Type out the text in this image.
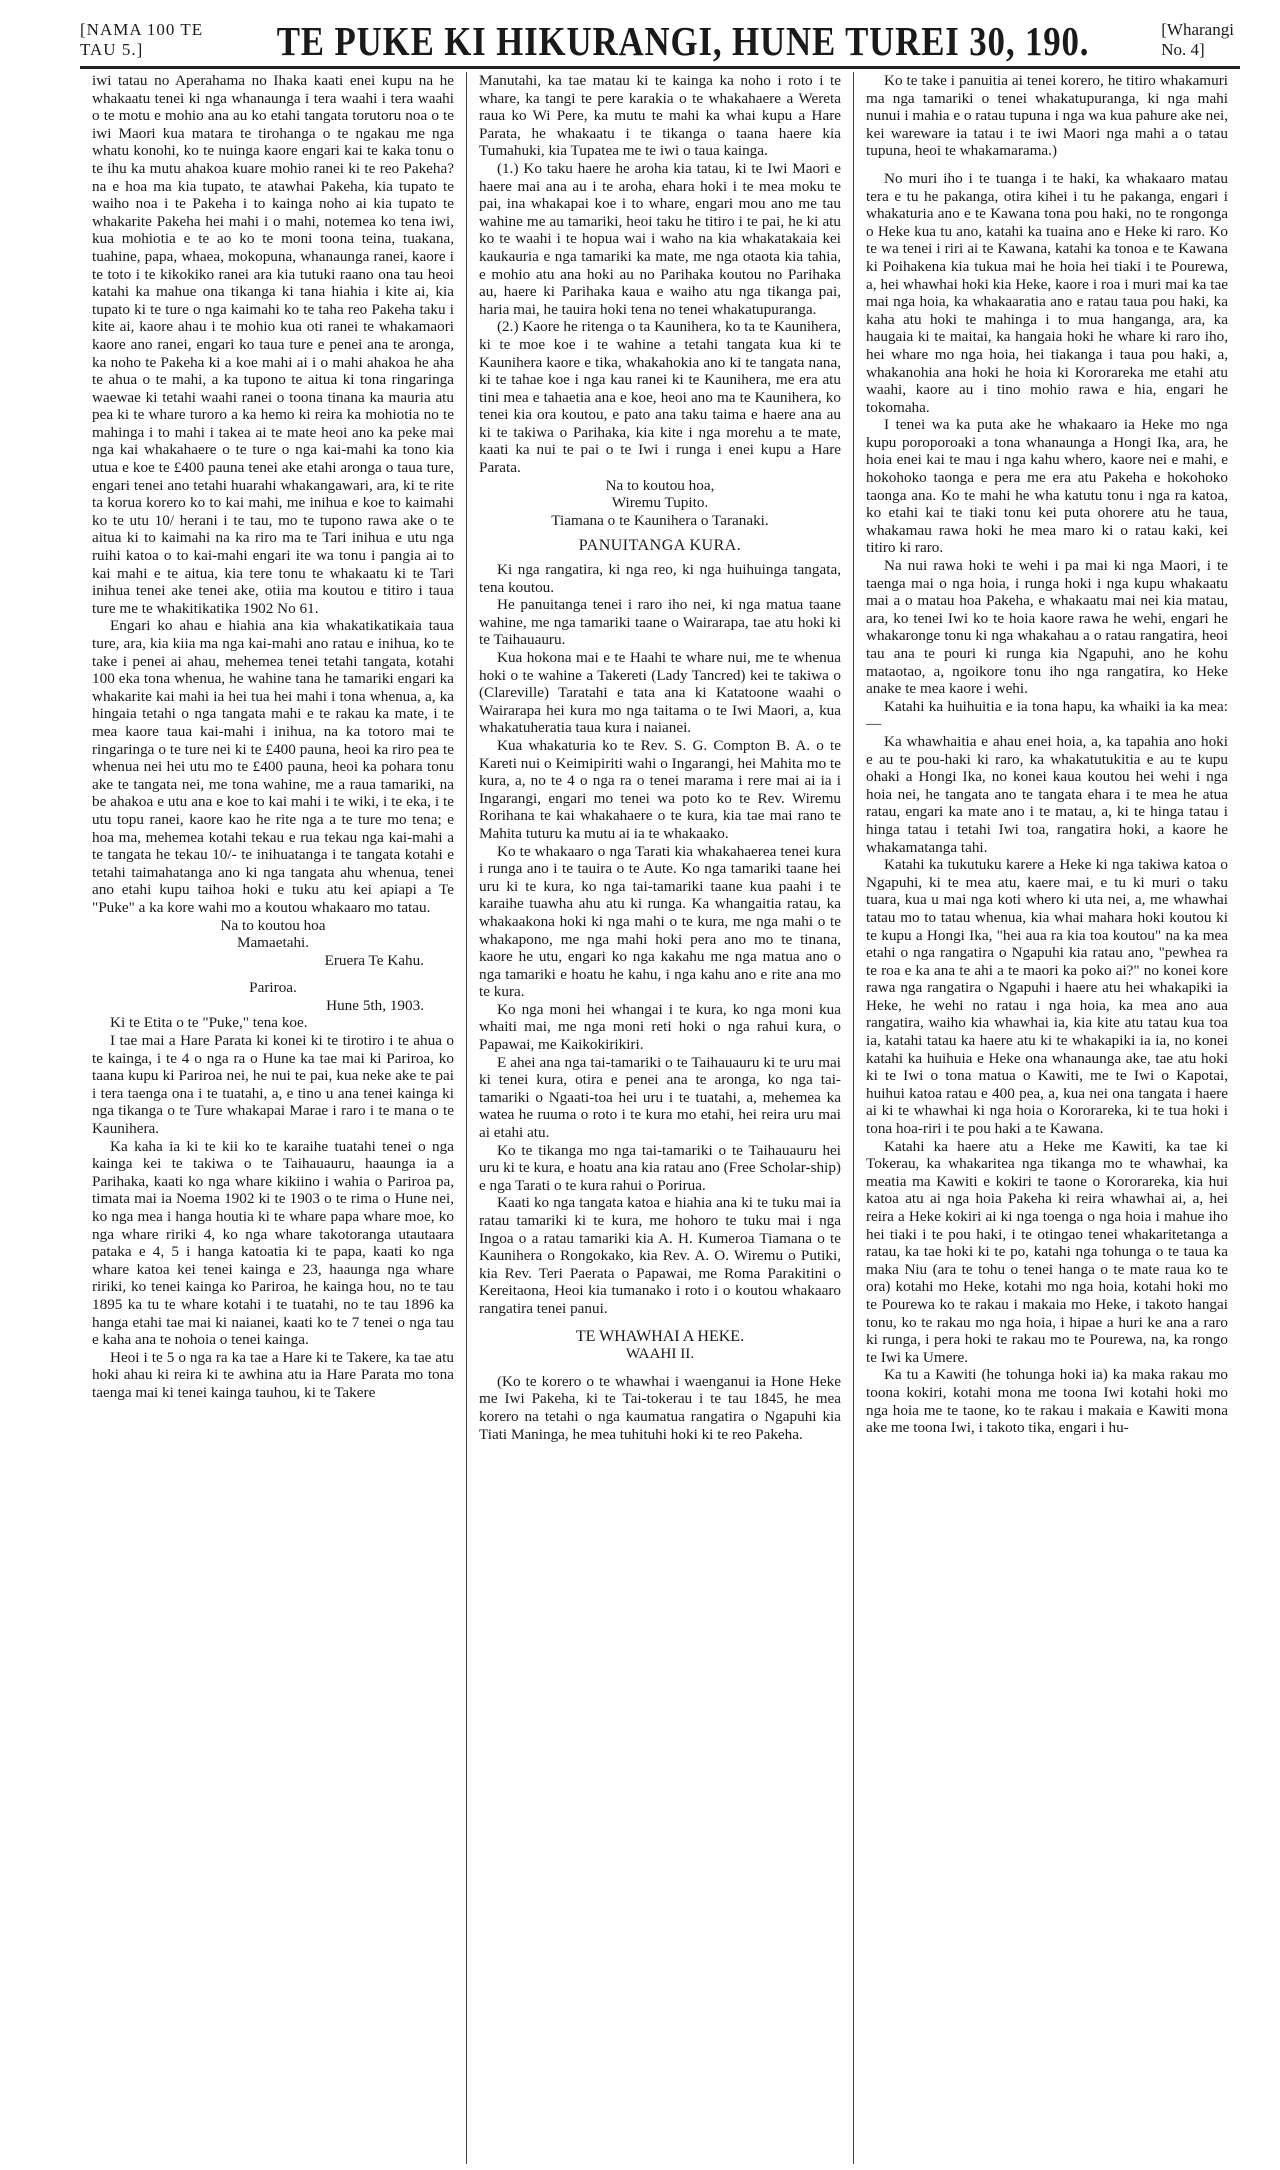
[NAMA 100 TE TAU 5.]	TE PUKE KI HIKURANGI, HUNE TUREI 30, 190.	[Wharangi No. 4]

iwi tatau no Aperahama no Ihaka kaati enei kupu na he whakaatu tenei ki nga whanaunga i tera waahi i tera waahi o te motu e mohio ana au ko etahi tangata torutoru noa o te iwi Maori kua matara te tirohanga o te ngakau me nga whatu konohi, ko te nuinga kaore engari kai te kaka tonu o te ihu ka mutu ahakoa kuare mohio ranei ki te reo Pakeha? na e hoa ma kia tupato, te atawhai Pakeha, kia tupato te waiho noa i te Pakeha i to kainga noho ai kia tupato te whakarite Pakeha hei mahi i o mahi, notemea ko tena iwi, kua mohiotia e te ao ko te moni toona teina, tuakana, tuahine, papa, whaea, mokopuna, whanaunga ranei, kaore i te toto i te kikokiko ranei ara kia tutuki raano ona tau heoi katahi ka mahue ona tikanga ki tana hiahia i kite ai, kia tupato ki te ture o nga kaimahi ko te taha reo Pakeha taku i kite ai, kaore ahau i te mohio kua oti ranei te whakamaori kaore ano ranei, engari ko taua ture e penei ana te aronga, ka noho te Pakeha ki a koe mahi ai i o mahi ahakoa he aha te ahua o te mahi, a ka tupono te aitua ki tona ringaringa waewae ki tetahi waahi ranei o toona tinana ka mauria atu pea ki te whare turoro a ka hemo ki reira ka mohiotia no te mahinga i to mahi i takea ai te mate heoi ano ka peke mai nga kai whakahaere o te ture o nga kai-mahi ka tono kia utua e koe te £400 pauna tenei ake etahi aronga o taua ture, engari tenei ano tetahi huarahi whakangawari, ara, ki te rite ta korua korero ko to kai mahi, me inihua e koe to kaimahi ko te utu 10/ herani i te tau, mo te tupono rawa ake o te aitua ki to kaimahi na ka riro ma te Tari inihua e utu nga ruihi katoa o to kai-mahi engari ite wa tonu i pangia ai to kai mahi e te aitua, kia tere tonu te whakaatu ki te Tari inihua tenei ake tenei ake, otiia ma koutou e titiro i taua ture me te whakitikatika 1902 No 61.

Engari ko ahau e hiahia ana kia whakatikatikaia taua ture, ara, kia kiia ma nga kai-mahi ano ratau e inihua, ko te take i penei ai ahau, mehemea tenei tetahi tangata, kotahi 100 eka tona whenua, he wahine tana he tamariki engari ka whakarite kai mahi ia hei tua hei mahi i tona whenua, a, ka hingaia tetahi o nga tangata mahi e te rakau ka mate, i te mea kaore taua kai-mahi i inihua, na ka totoro mai te ringaringa o te ture nei ki te £400 pauna, heoi ka riro pea te whenua nei hei utu mo te £400 pauna, heoi ka pohara tonu ake te tangata nei, me tona wahine, me a raua tamariki, na be ahakoa e utu ana e koe to kai mahi i te wiki, i te eka, i te utu topu ranei, kaore kao he rite nga a te ture mo tena; e hoa ma, mehemea kotahi tekau e rua tekau nga kai-mahi a te tangata he tekau 10/- te inihuatanga i te tangata kotahi e tetahi taimahatanga ano ki nga tangata ahu whenua, tenei ano etahi kupu taihoa hoki e tuku atu kei apiapi a Te "Puke" a ka kore wahi mo a koutou whakaaro mo tatau.

Na to koutou hoa

Mamaetahi.

Eruera Te Kahu.

Pariroa.

Hune 5th, 1903.

Ki te Etita o te "Puke," tena koe.

I tae mai a Hare Parata ki konei ki te tirotiro i te ahua o te kainga, i te 4 o nga ra o Hune ka tae mai ki Pariroa, ko taana kupu ki Pariroa nei, he nui te pai, kua neke ake te pai i tera taenga ona i te tuatahi, a, e tino u ana tenei kainga ki nga tikanga o te Ture whakapai Marae i raro i te mana o te Kaunihera.

Ka kaha ia ki te kii ko te karaihe tuatahi tenei o nga kainga kei te takiwa o te Taihauauru, haaunga ia a Parihaka, kaati ko nga whare kikiino i wahia o Pariroa pa, timata mai ia Noema 1902 ki te 1903 o te rima o Hune nei, ko nga mea i hanga houtia ki te whare papa whare moe, ko nga whare ririki 4, ko nga whare takotoranga utautaara pataka e 4, 5 i hanga katoatia ki te papa, kaati ko nga whare katoa kei tenei kainga e 23, haaunga nga whare ririki, ko tenei kainga ko Pariroa, he kainga hou, no te tau 1895 ka tu te whare kotahi i te tuatahi, no te tau 1896 ka hanga etahi tae mai ki naianei, kaati ko te 7 tenei o nga tau e kaha ana te nohoia o tenei kainga.

Heoi i te 5 o nga ra ka tae a Hare ki te Takere, ka tae atu hoki ahau ki reira ki te awhina atu ia Hare Parata mo tona taenga mai ki tenei kainga tauhou, ki te Takere

Manutahi, ka tae matau ki te kainga ka noho i roto i te whare, ka tangi te pere karakia o te whakahaere a Wereta raua ko Wi Pere, ka mutu te mahi ka whai kupu a Hare Parata, he whakaatu i te tikanga o taana haere kia Tumahuki, kia Tupatea me te iwi o taua kainga.

(1.) Ko taku haere he aroha kia tatau, ki te Iwi Maori e haere mai ana au i te aroha, ehara hoki i te mea moku te pai, ina whakapai koe i to whare, engari mou ano me tau wahine me au tamariki, heoi taku he titiro i te pai, he ki atu ko te waahi i te hopua wai i waho na kia whakatakaia kei kaukauria e nga tamariki ka mate, me nga otaota kia tahia, e mohio atu ana hoki au no Parihaka koutou no Parihaka au, haere ki Parihaka kaua e waiho atu nga tikanga pai, haria mai, he tauira hoki tena no tenei whakatupuranga.

(2.) Kaore he ritenga o ta Kaunihera, ko ta te Kaunihera, ki te moe koe i te wahine a tetahi tangata kua ki te Kaunihera kaore e tika, whakahokia ano ki te tangata nana, ki te tahae koe i nga kau ranei ki te Kaunihera, me era atu tini mea e tahaetia ana e koe, heoi ano ma te Kaunihera, ko tenei kia ora koutou, e pato ana taku taima e haere ana au ki te takiwa o Parihaka, kia kite i nga morehu a te mate, kaati ka nui te pai o te Iwi i runga i enei kupu a Hare Parata.

Na to koutou hoa,

Wiremu Tupito.

Tiamana o te Kaunihera o Taranaki.

PANUITANGA KURA.

Ki nga rangatira, ki nga reo, ki nga huihuinga tangata, tena koutou.

He panuitanga tenei i raro iho nei, ki nga matua taane wahine, me nga tamariki taane o Wairarapa, tae atu hoki ki te Taihauauru.

Kua hokona mai e te Haahi te whare nui, me te whenua hoki o te wahine a Takereti (Lady Tancred) kei te takiwa o (Clareville) Taratahi e tata ana ki Katatoone waahi o Wairarapa hei kura mo nga taitama o te Iwi Maori, a, kua whakatuheratia taua kura i naianei.

Kua whakaturia ko te Rev. S. G. Compton B. A. o te Kareti nui o Keimipiriti wahi o Ingarangi, hei Mahita mo te kura, a, no te 4 o nga ra o tenei marama i rere mai ai ia i Ingarangi, engari mo tenei wa poto ko te Rev. Wiremu Rorihana te kai whakahaere o te kura, kia tae mai rano te Mahita tuturu ka mutu ai ia te whakaako.

Ko te whakaaro o nga Tarati kia whakahaerea tenei kura i runga ano i te tauira o te Aute. Ko nga tamariki taane hei uru ki te kura, ko nga tai-tamariki taane kua paahi i te karaihe tuawha ahu atu ki runga. Ka whangaitia ratau, ka whakaakona hoki ki nga mahi o te kura, me nga mahi o te whakapono, me nga mahi hoki pera ano mo te tinana, kaore he utu, engari ko nga kakahu me nga matua ano o nga tamariki e hoatu he kahu, i nga kahu ano e rite ana mo te kura.

Ko nga moni hei whangai i te kura, ko nga moni kua whaiti mai, me nga moni reti hoki o nga rahui kura, o Papawai, me Kaikokirikiri.

E ahei ana nga tai-tamariki o te Taihauauru ki te uru mai ki tenei kura, otira e penei ana te aronga, ko nga tai-tamariki o Ngaati-toa hei uru i te tuatahi, a, mehemea ka watea he ruuma o roto i te kura mo etahi, hei reira uru mai ai etahi atu.

Ko te tikanga mo nga tai-tamariki o te Taihauauru hei uru ki te kura, e hoatu ana kia ratau ano (Free Scholar-ship) e nga Tarati o te kura rahui o Porirua.

Kaati ko nga tangata katoa e hiahia ana ki te tuku mai ia ratau tamariki ki te kura, me hohoro te tuku mai i nga Ingoa o a ratau tamariki kia A. H. Kumeroa Tiamana o te Kaunihera o Rongokako, kia Rev. A. O. Wiremu o Putiki, kia Rev. Teri Paerata o Papawai, me Roma Parakitini o Kereitaona, Heoi kia tumanako i roto i o koutou whakaaro rangatira tenei panui.

TE WHAWHAI A HEKE.

WAAHI II.

(Ko te korero o te whawhai i waenganui ia Hone Heke me Iwi Pakeha, ki te Tai-tokerau i te tau 1845, he mea korero na tetahi o nga kaumatua rangatira o Ngapuhi kia Tiati Maninga, he mea tuhituhi hoki ki te reo Pakeha.

Ko te take i panuitia ai tenei korero, he titiro whakamuri ma nga tamariki o tenei whakatupuranga, ki nga mahi nunui i mahia e o ratau tupuna i nga wa kua pahure ake nei, kei wareware ia tatau i te iwi Maori nga mahi a o tatau tupuna, heoi te whakamarama.)

No muri iho i te tuanga i te haki, ka whakaaro matau tera e tu he pakanga, otira kihei i tu he pakanga, engari i whakaturia ano e te Kawana tona pou haki, no te rongonga o Heke kua tu ano, katahi ka tuaina ano e Heke ki raro. Ko te wa tenei i riri ai te Kawana, katahi ka tonoa e te Kawana ki Poihakena kia tukua mai he hoia hei tiaki i te Pourewa, a, hei whawhai hoki kia Heke, kaore i roa i muri mai ka tae mai nga hoia, ka whakaaratia ano e ratau taua pou haki, ka kaha atu hoki te mahinga i to mua hanganga, ara, ka haugaia ki te maitai, ka hangaia hoki he whare ki raro iho, hei whare mo nga hoia, hei tiakanga i taua pou haki, a, whakanohia ana hoki he hoia ki Kororareka me etahi atu waahi, kaore au i tino mohio rawa e hia, engari he tokomaha.

I tenei wa ka puta ake he whakaaro ia Heke mo nga kupu poroporoaki a tona whanaunga a Hongi Ika, ara, he hoia enei kai te mau i nga kahu whero, kaore nei e mahi, e hokohoko taonga e pera me era atu Pakeha e hokohoko taonga ana. Ko te mahi he wha katutu tonu i nga ra katoa, ko etahi kai te tiaki tonu kei puta ohorere atu he taua, whakamau rawa hoki he mea maro ki o ratau kaki, kei titiro ki raro.

Na nui rawa hoki te wehi i pa mai ki nga Maori, i te taenga mai o nga hoia, i runga hoki i nga kupu whakaatu mai a o matau hoa Pakeha, e whakaatu mai nei kia matau, ara, ko tenei Iwi ko te hoia kaore rawa he wehi, engari he whakaronge tonu ki nga whakahau a o ratau rangatira, heoi tau ana te pouri ki runga kia Ngapuhi, ano he kohu mataotao, a, ngoikore tonu iho nga rangatira, ko Heke anake te mea kaore i wehi.

Katahi ka huihuitia e ia tona hapu, ka whaiki ia ka mea:—

Ka whawhaitia e ahau enei hoia, a, ka tapahia ano hoki e au te pou-haki ki raro, ka whakatutukitia e au te kupu ohaki a Hongi Ika, no konei kaua koutou hei wehi i nga hoia nei, he tangata ano te tangata ehara i te mea he atua ratau, engari ka mate ano i te matau, a, ki te hinga tatau i hinga tatau i tetahi Iwi toa, rangatira hoki, a kaore he whakamatanga tahi.

Katahi ka tukutuku karere a Heke ki nga takiwa katoa o Ngapuhi, ki te mea atu, kaere mai, e tu ki muri o taku tuara, kua u mai nga koti whero ki uta nei, a, me whawhai tatau mo to tatau whenua, kia whai mahara hoki koutou ki te kupu a Hongi Ika, "hei aua ra kia toa koutou" na ka mea etahi o nga rangatira o Ngapuhi kia ratau ano, "pewhea ra te roa e ka ana te ahi a te maori ka poko ai?" no konei kore rawa nga rangatira o Ngapuhi i haere atu hei whakapiki ia Heke, he wehi no ratau i nga hoia, ka mea ano aua rangatira, waiho kia whawhai ia, kia kite atu tatau kua toa ia, katahi tatau ka haere atu ki te whakapiki ia ia, no konei katahi ka huihuia e Heke ona whanaunga ake, tae atu hoki ki te Iwi o tona matua o Kawiti, me te Iwi o Kapotai, huihui katoa ratau e 400 pea, a, kua nei ona tangata i haere ai ki te whawhai ki nga hoia o Kororareka, ki te tua hoki i tona hoa-riri i te pou haki a te Kawana.

Katahi ka haere atu a Heke me Kawiti, ka tae ki Tokerau, ka whakaritea nga tikanga mo te whawhai, ka meatia ma Kawiti e kokiri te taone o Kororareka, kia hui katoa atu ai nga hoia Pakeha ki reira whawhai ai, a, hei reira a Heke kokiri ai ki nga toenga o nga hoia i mahue iho hei tiaki i te pou haki, i te otingao tenei whakaritetanga a ratau, ka tae hoki ki te po, katahi nga tohunga o te taua ka maka Niu (ara te tohu o tenei hanga o te mate raua ko te ora) kotahi mo Heke, kotahi mo nga hoia, kotahi hoki mo te Pourewa ko te rakau i makaia mo Heke, i takoto hangai tonu, ko te rakau mo nga hoia, i hipae a huri ke ana a raro ki runga, i pera hoki te rakau mo te Pourewa, na, ka rongo te Iwi ka Umere.

Ka tu a Kawiti (he tohunga hoki ia) ka maka rakau mo toona kokiri, kotahi mona me toona Iwi kotahi hoki mo nga hoia me te taone, ko te rakau i makaia e Kawiti mona ake me toona Iwi, i takoto tika, engari i hu-
